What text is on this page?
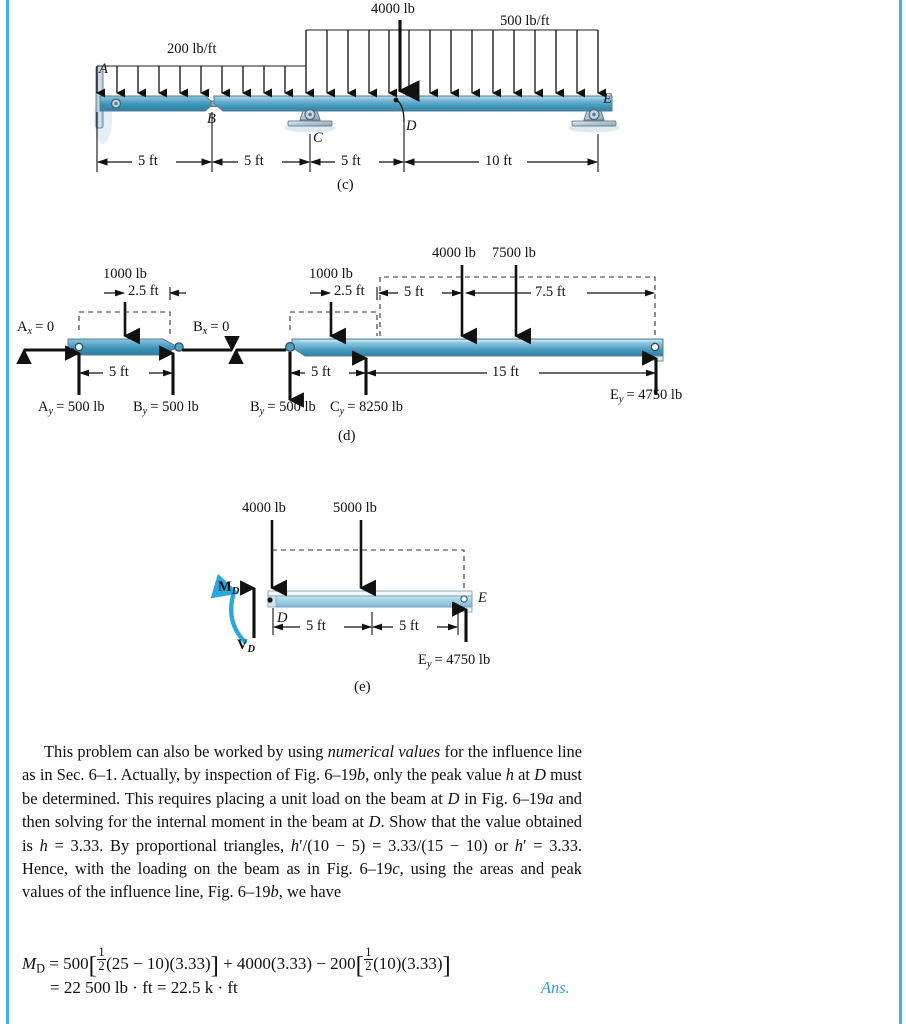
200 lb/ft
500 lb/ft
4000 lb
A
B
C
D
E
5 ft	5 ft	5 ft	10 ft
(c)
1000 lb
2.5 ft
5 ft
$A_x = 0$	$B_x = 0$
$A_y = 500$ lb $B_y = 500$ lb
1000 lb
4000 lb 7500 lb
2.5 ft	5 ft	7.5 ft
5 ft	15 ft
$B_y = 500$ lb $C_y = 8250$ lb
$E_y = 4750$ lb
(d)
4000 lb	5000 lb
$M_D$
$V_D$
D
E
5 ft	5 ft
$E_y = 4750$ lb
(e)

This problem can also be worked by using numerical values for the influence line as in Sec. 6–1. Actually, by inspection of Fig. 6–19b, only the peak value h at D must be determined. This requires placing a unit load on the beam at D in Fig. 6–19a and then solving for the internal moment in the beam at D. Show that the value obtained is h = 3.33. By proportional triangles, h′/(10 − 5) = 3.33/(15 − 10) or h′ = 3.33. Hence, with the loading on the beam as in Fig. 6–19c, using the areas and peak values of the influence line, Fig. 6–19b, we have

$M_D = 500[ \frac{1}{2} (25 - 10)(3.33)] + 4000(3.33) - 200[ \frac{1}{2} (10)(3.33)]$
= 22 500 lb · ft = 22.5 k · ft	Ans.
